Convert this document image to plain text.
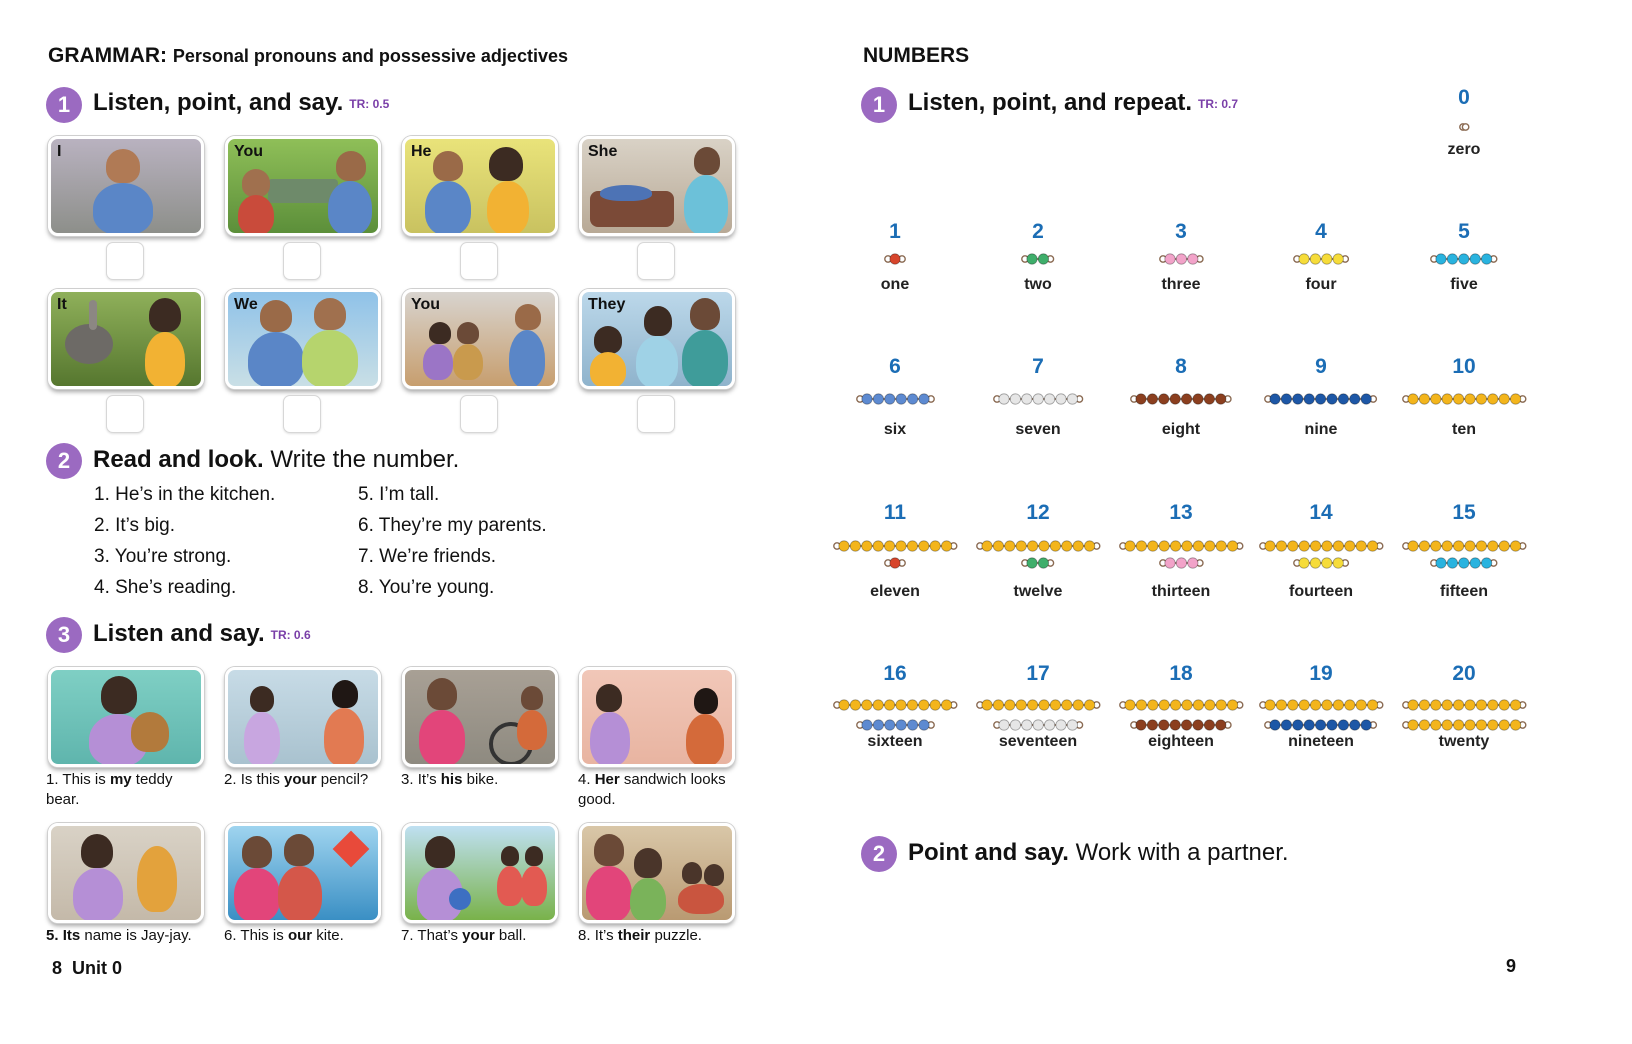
GRAMMAR: Personal pronouns and possessive adjectives
1 Listen, point, and say. TR: 0.5
I	You	He	She
It	We	You	They
2 Read and look. Write the number.
1. He’s in the kitchen.
2. It’s big.
3. You’re strong.
4. She’s reading.
5. I’m tall.
6. They’re my parents.
7. We’re friends.
8. You’re young.
3 Listen and say. TR: 0.6
1. This is my teddy bear.
2. Is this your pencil?	3. It’s his bike.	4. Her sandwich looks good.
5. Its name is Jay-jay.	6. This is our kite.	7. That’s your ball.	8. It’s their puzzle.
8 Unit 0
NUMBERS
1 Listen, point, and repeat. TR: 0.7	0
zero
1
one
2
two
3
three
4
four
5
five
6
six
7
seven
8
eight
9
nine
10
ten
11
eleven
12
twelve
13
thirteen
14
fourteen
15
fifteen
16
sixteen
17
seventeen
18
eighteen
19
nineteen
20
twenty
2 Point and say. Work with a partner.
9
